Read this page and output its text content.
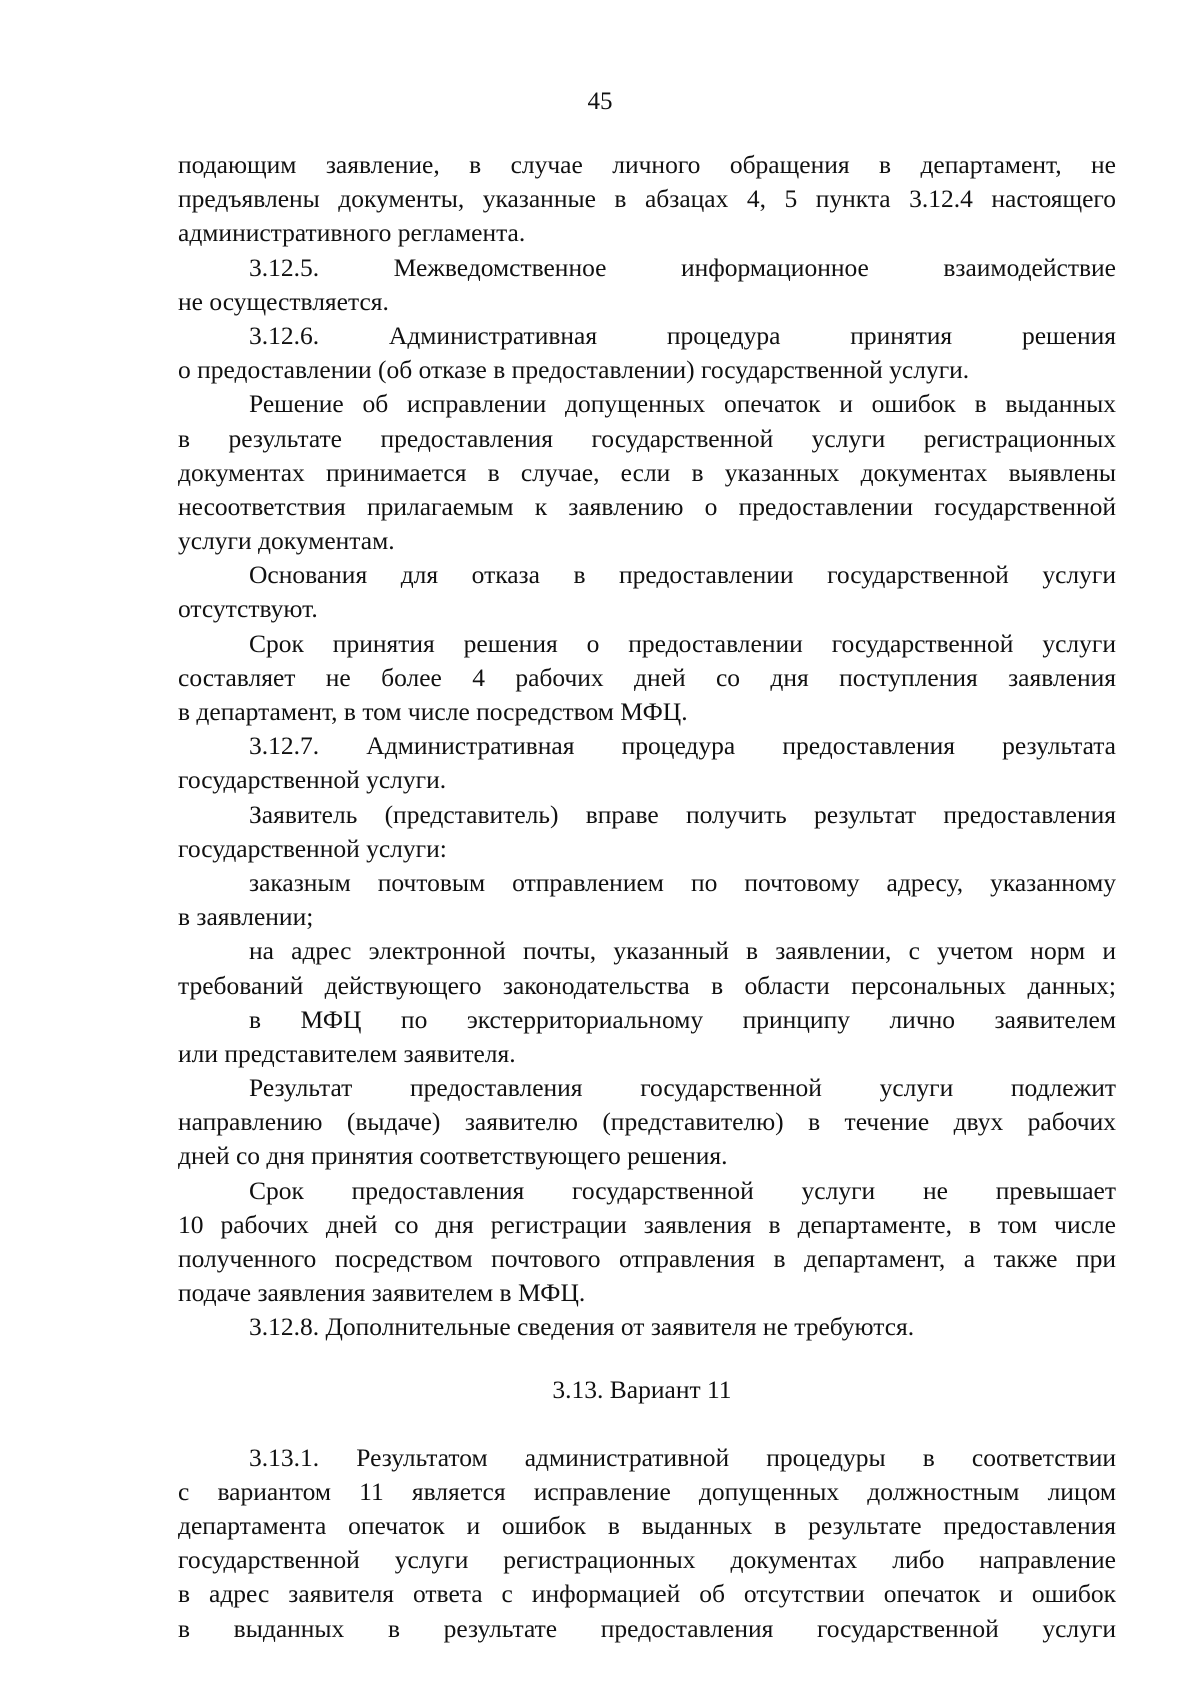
45
подающим заявление, в случае личного обращения в департамент, не
предъявлены документы, указанные в абзацах 4, 5 пункта 3.12.4 настоящего
административного регламента.
3.12.5. Межведомственное информационное взаимодействие
не осуществляется.
3.12.6. Административная процедура принятия решения
о предоставлении (об отказе в предоставлении) государственной услуги.
Решение об исправлении допущенных опечаток и ошибок в выданных
в результате предоставления государственной услуги регистрационных
документах принимается в случае, если в указанных документах выявлены
несоответствия прилагаемым к заявлению о предоставлении государственной
услуги документам.
Основания для отказа в предоставлении государственной услуги
отсутствуют.
Срок принятия решения о предоставлении государственной услуги
составляет не более 4 рабочих дней со дня поступления заявления
в департамент, в том числе посредством МФЦ.
3.12.7. Административная процедура предоставления результата
государственной услуги.
Заявитель (представитель) вправе получить результат предоставления
государственной услуги:
заказным почтовым отправлением по почтовому адресу, указанному
в заявлении;
на адрес электронной почты, указанный в заявлении, с учетом норм и
требований действующего законодательства в области персональных данных;
в МФЦ по экстерриториальному принципу лично заявителем
или представителем заявителя.
Результат предоставления государственной услуги подлежит
направлению (выдаче) заявителю (представителю) в течение двух рабочих
дней со дня принятия соответствующего решения.
Срок предоставления государственной услуги не превышает
10 рабочих дней со дня регистрации заявления в департаменте, в том числе
полученного посредством почтового отправления в департамент, а также при
подаче заявления заявителем в МФЦ.
3.12.8. Дополнительные сведения от заявителя не требуются.
3.13. Вариант 11
3.13.1. Результатом административной процедуры в соответствии
с вариантом 11 является исправление допущенных должностным лицом
департамента опечаток и ошибок в выданных в результате предоставления
государственной услуги регистрационных документах либо направление
в адрес заявителя ответа с информацией об отсутствии опечаток и ошибок
в выданных в результате предоставления государственной услуги
